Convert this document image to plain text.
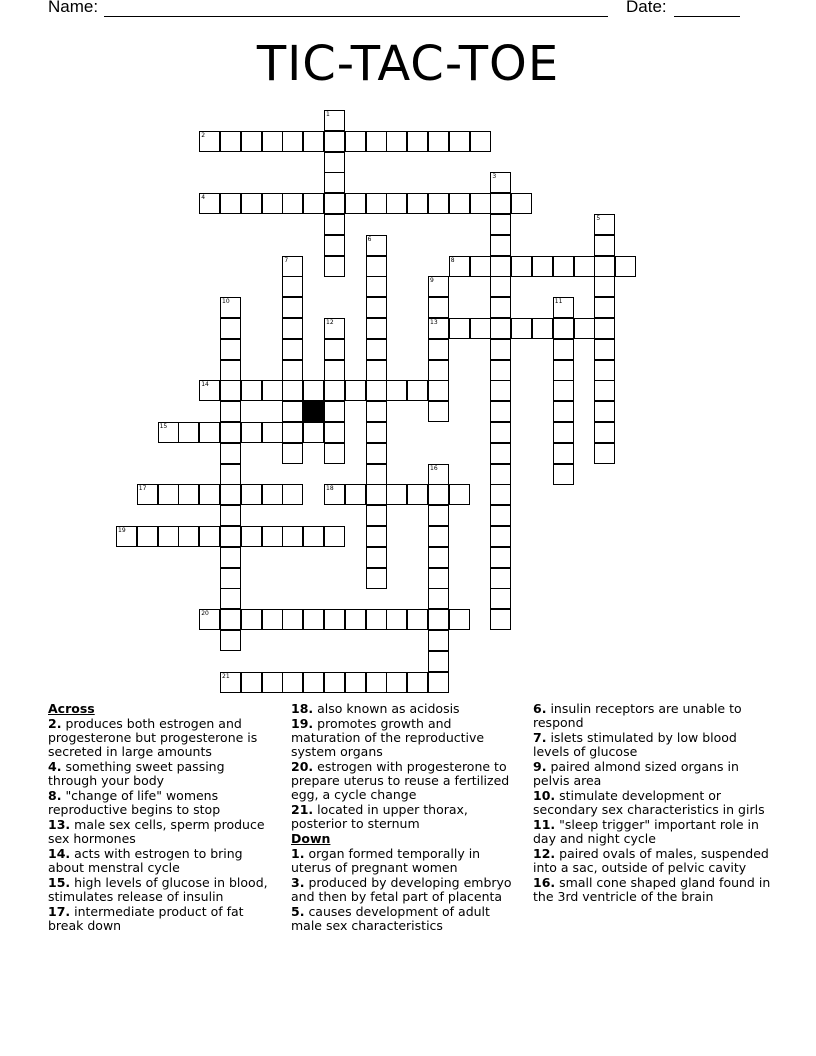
Name:	Date:
TIC-TAC-TOE
1
2
3
4
5
6
7	8
9
13
10	11
12
14
15
16
17	18
19
20
21
Across
2. produces both estrogen and progesterone but progesterone is secreted in large amounts
4. something sweet passing through your body
8. "change of life" womens reproductive begins to stop
13. male sex cells, sperm produce sex hormones
14. acts with estrogen to bring about menstral cycle
15. high levels of glucose in blood, stimulates release of insulin
17. intermediate product of fat break down
18. also known as acidosis
19. promotes growth and maturation of the reproductive system organs
20. estrogen with progesterone to prepare uterus to reuse a fertilized egg, a cycle change
21. located in upper thorax, posterior to sternum
Down
1. organ formed temporally in uterus of pregnant women
3. produced by developing embryo and then by fetal part of placenta
5. causes development of adult male sex characteristics
6. insulin receptors are unable to respond
7. islets stimulated by low blood levels of glucose
9. paired almond sized organs in pelvis area
10. stimulate development or secondary sex characteristics in girls
11. "sleep trigger" important role in day and night cycle
12. paired ovals of males, suspended into a sac, outside of pelvic cavity
16. small cone shaped gland found in the 3rd ventricle of the brain
